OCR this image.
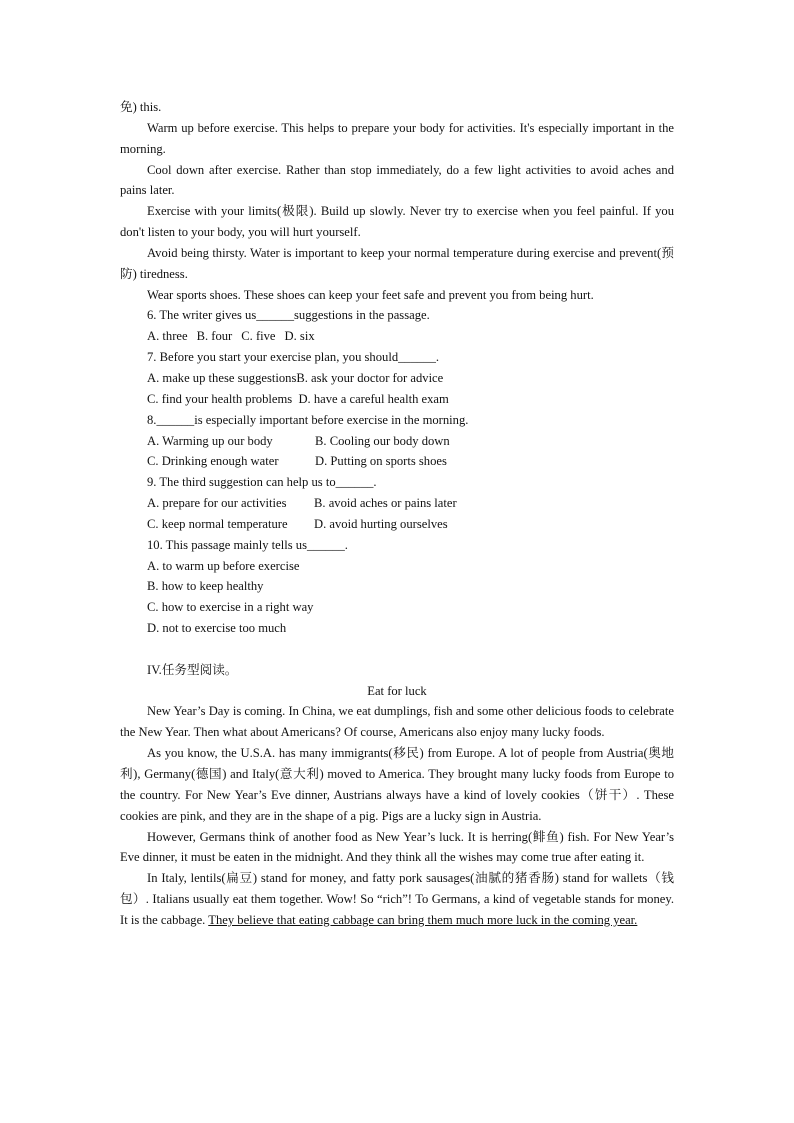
免) this.

Warm up before exercise. This helps to prepare your body for activities. It's especially important in the morning.

Cool down after exercise. Rather than stop immediately, do a few light activities to avoid aches and pains later.

Exercise with your limits(极限). Build up slowly. Never try to exercise when you feel painful. If you don't listen to your body, you will hurt yourself.

Avoid being thirsty. Water is important to keep your normal temperature during exercise and prevent(预防) tiredness.

Wear sports shoes. These shoes can keep your feet safe and prevent you from being hurt.

6. The writer gives us______suggestions in the passage.

A. three B. four C. five D. six

7. Before you start your exercise plan, you should______.

A. make up these suggestionsB. ask your doctor for advice

C. find your health problems D. have a careful health exam

8.______is especially important before exercise in the morning.

A. Warming up our body	B. Cooling our body down
C. Drinking enough water	D. Putting on sports shoes

9. The third suggestion can help us to______.

A. prepare for our activities	B. avoid aches or pains later
C. keep normal temperature	D. avoid hurting ourselves

10. This passage mainly tells us______.

A. to warm up before exercise

B. how to keep healthy

C. how to exercise in a right way

D. not to exercise too much

IV.任务型阅读。

Eat for luck

New Year’s Day is coming. In China, we eat dumplings, fish and some other delicious foods to celebrate the New Year. Then what about Americans? Of course, Americans also enjoy many lucky foods.

As you know, the U.S.A. has many immigrants(移民) from Europe. A lot of people from Austria(奥地利), Germany(德国) and Italy(意大利) moved to America. They brought many lucky foods from Europe to the country. For New Year’s Eve dinner, Austrians always have a kind of lovely cookies（饼干）. These cookies are pink, and they are in the shape of a pig. Pigs are a lucky sign in Austria.

However, Germans think of another food as New Year’s luck. It is herring(鲱鱼) fish. For New Year’s Eve dinner, it must be eaten in the midnight. And they think all the wishes may come true after eating it.

In Italy, lentils(扁豆) stand for money, and fatty pork sausages(油腻的猪香肠) stand for wallets（钱包）. Italians usually eat them together. Wow! So “rich”! To Germans, a kind of vegetable stands for money. It is the cabbage. They believe that eating cabbage can bring them much more luck in the coming year.
